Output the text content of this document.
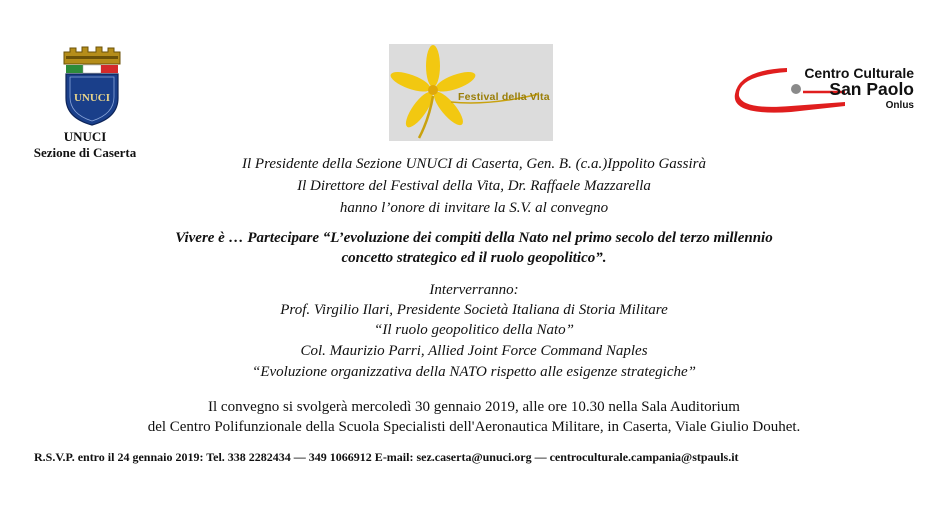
UNUCI
UNUCI
Sezione di Caserta
Festival della Vita
Centro Culturale
San Paolo
Onlus
Il Presidente della Sezione UNUCI di Caserta, Gen. B. (c.a.)Ippolito Gassirà
Il Direttore del Festival della Vita, Dr. Raffaele Mazzarella
hanno l’onore di invitare la S.V. al convegno
Vivere è … Partecipare “L’evoluzione dei compiti della Nato nel primo secolo del terzo millennio
concetto strategico ed il ruolo geopolitico”.
Interverranno:
Prof. Virgilio Ilari, Presidente Società Italiana di Storia Militare
“Il ruolo geopolitico della Nato”
Col. Maurizio Parri, Allied Joint Force Command Naples
“Evoluzione organizzativa della NATO rispetto alle esigenze strategiche”
Il convegno si svolgerà mercoledì 30 gennaio 2019, alle ore 10.30 nella Sala Auditorium
del Centro Polifunzionale della Scuola Specialisti dell'Aeronautica Militare, in Caserta, Viale Giulio Douhet.
R.S.V.P. entro il 24 gennaio 2019: Tel. 338 2282434 — 349 1066912 E-mail: sez.caserta@unuci.org — centroculturale.campania@stpauls.it
